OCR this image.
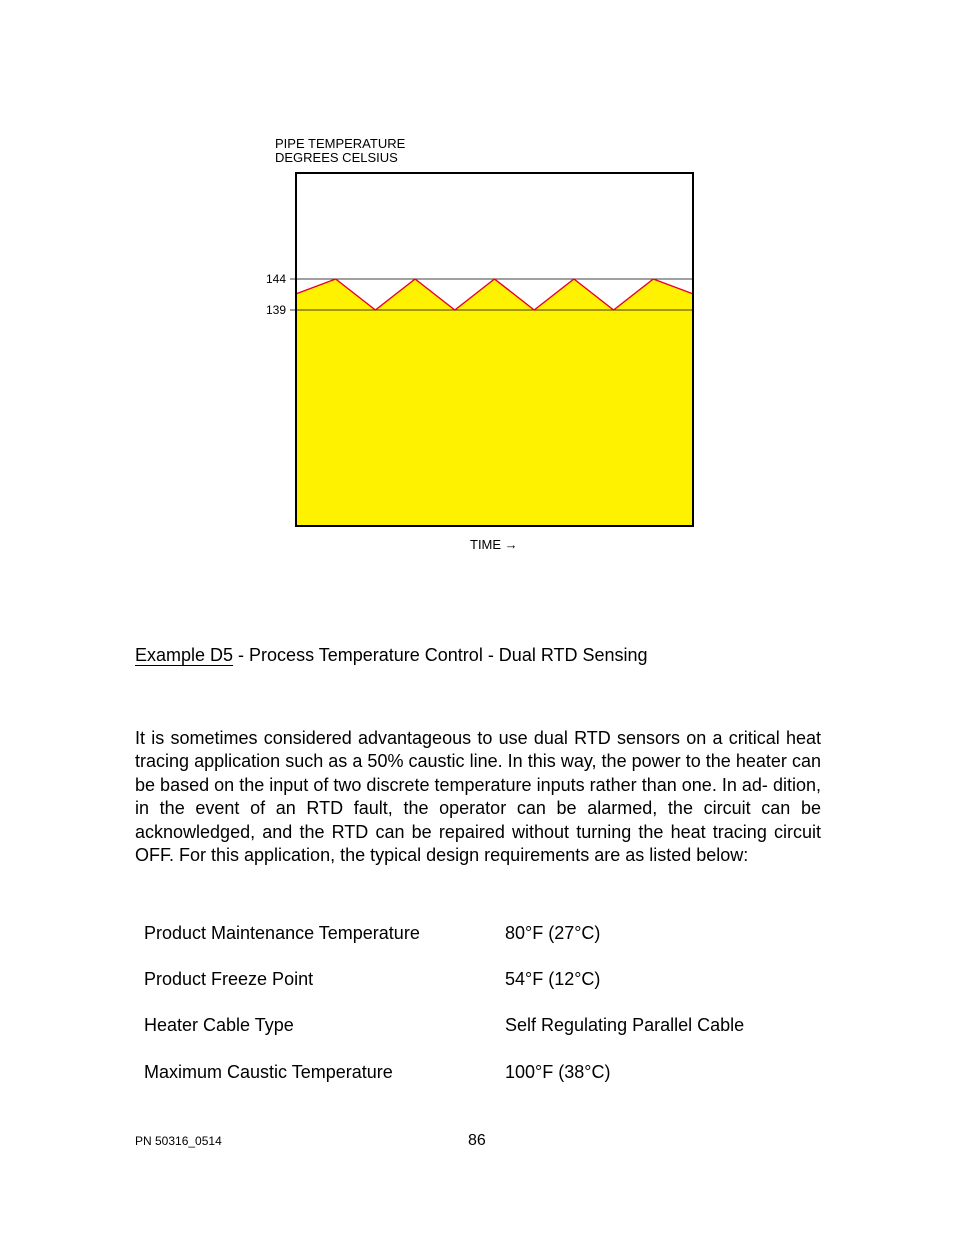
PIPE TEMPERATURE
DEGREES CELSIUS
144
139
TIME →
Example D5 - Process Temperature Control - Dual RTD Sensing
It is sometimes considered advantageous to use dual RTD sensors on a critical heat tracing application such as a 50% caustic line. In this way, the power to the heater can be based on the input of two discrete temperature inputs rather than one. In ad- dition, in the event of an RTD fault, the operator can be alarmed, the circuit can be acknowledged, and the RTD can be repaired without turning the heat tracing circuit OFF. For this application, the typical design requirements are as listed below:
Product Maintenance Temperature	80°F (27°C)
Product Freeze Point	54°F (12°C)
Heater Cable Type	Self Regulating Parallel Cable
Maximum Caustic Temperature	100°F (38°C)
PN 50316_0514	86
